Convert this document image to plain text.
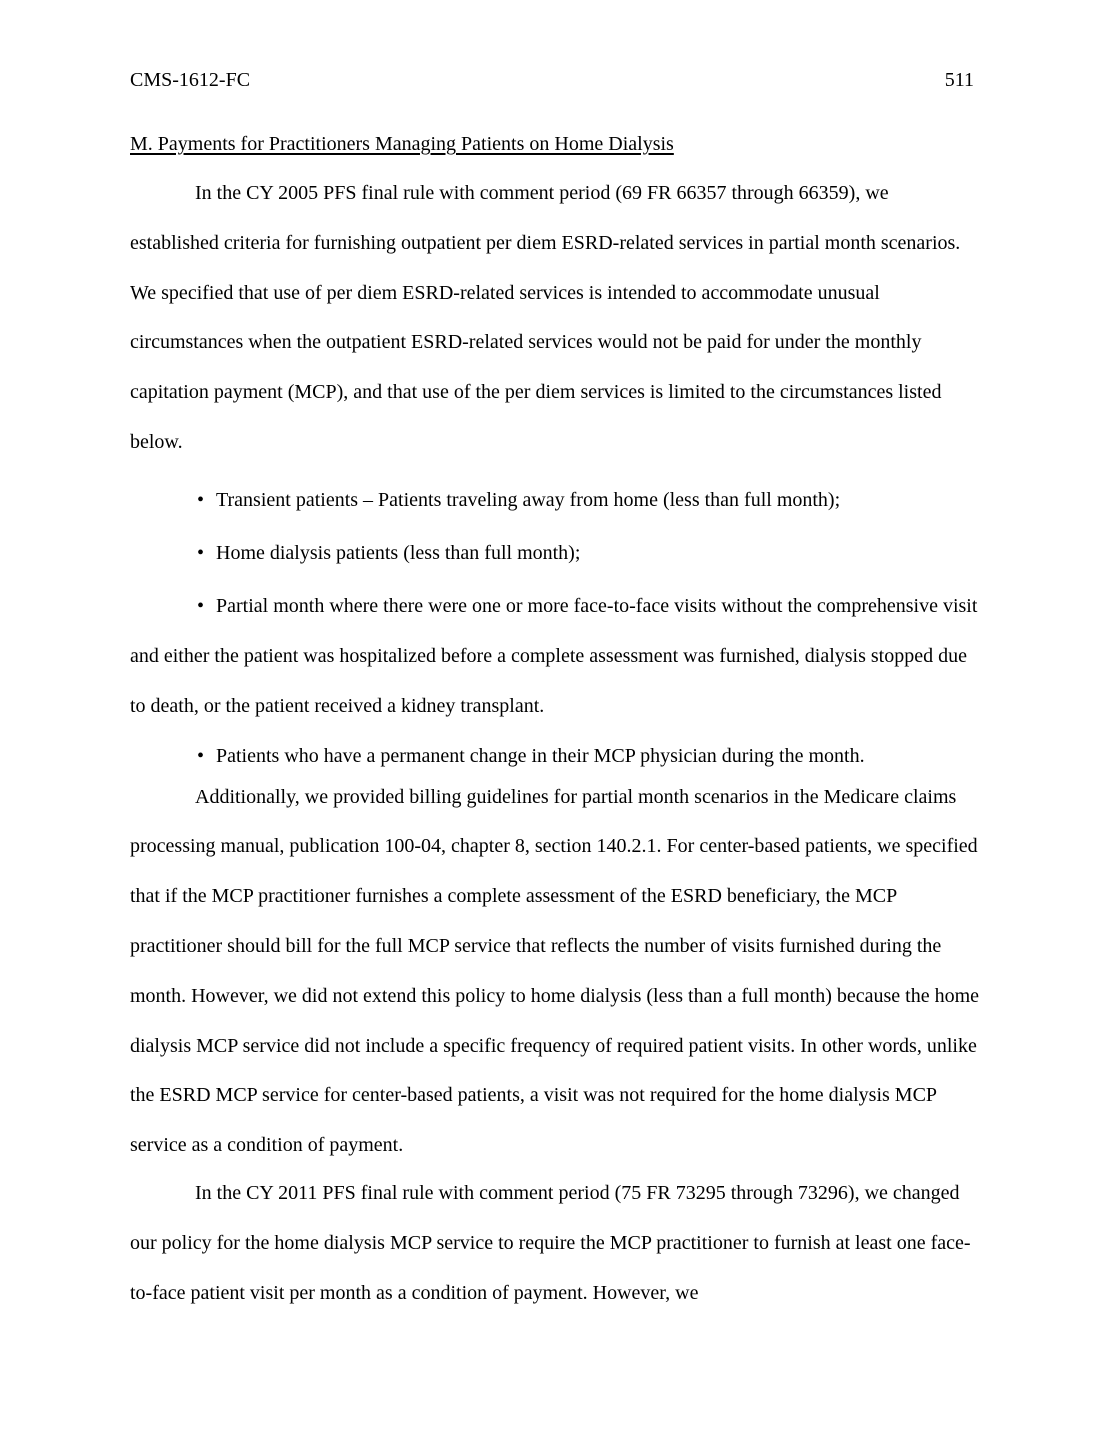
CMS-1612-FC	511
M. Payments for Practitioners Managing Patients on Home Dialysis

In the CY 2005 PFS final rule with comment period (69 FR 66357 through 66359), we established criteria for furnishing outpatient per diem ESRD-related services in partial month scenarios. We specified that use of per diem ESRD-related services is intended to accommodate unusual circumstances when the outpatient ESRD-related services would not be paid for under the monthly capitation payment (MCP), and that use of the per diem services is limited to the circumstances listed below.

• Transient patients – Patients traveling away from home (less than full month);
• Home dialysis patients (less than full month);
• Partial month where there were one or more face-to-face visits without the comprehensive visit and either the patient was hospitalized before a complete assessment was furnished, dialysis stopped due to death, or the patient received a kidney transplant.
• Patients who have a permanent change in their MCP physician during the month.

Additionally, we provided billing guidelines for partial month scenarios in the Medicare claims processing manual, publication 100-04, chapter 8, section 140.2.1. For center-based patients, we specified that if the MCP practitioner furnishes a complete assessment of the ESRD beneficiary, the MCP practitioner should bill for the full MCP service that reflects the number of visits furnished during the month. However, we did not extend this policy to home dialysis (less than a full month) because the home dialysis MCP service did not include a specific frequency of required patient visits. In other words, unlike the ESRD MCP service for center-based patients, a visit was not required for the home dialysis MCP service as a condition of payment.

In the CY 2011 PFS final rule with comment period (75 FR 73295 through 73296), we changed our policy for the home dialysis MCP service to require the MCP practitioner to furnish at least one face-to-face patient visit per month as a condition of payment. However, we
